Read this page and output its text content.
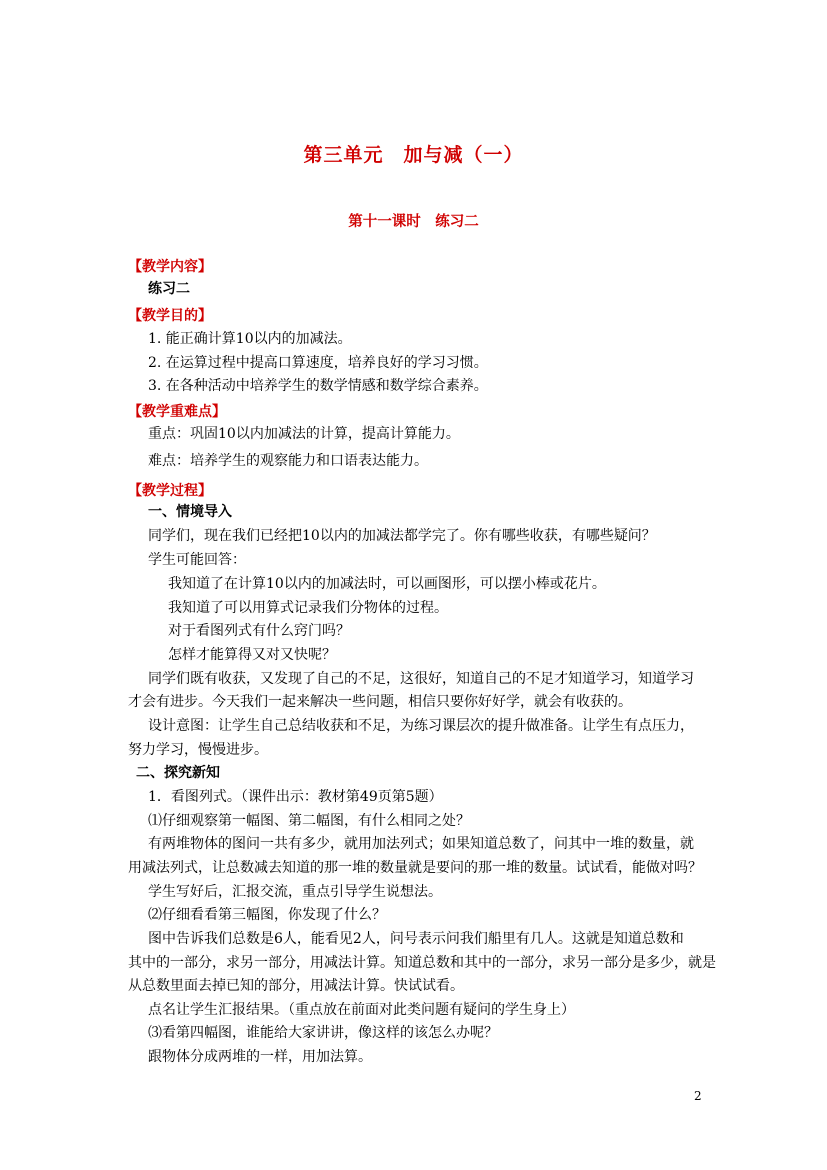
第三单元　加与减（一）
第十一课时　练习二
【教学内容】
练习二
【教学目的】
1. 能正确计算10以内的加减法。
2. 在运算过程中提高口算速度，培养良好的学习习惯。
3. 在各种活动中培养学生的数学情感和数学综合素养。
【教学重难点】
重点：巩固10以内加减法的计算，提高计算能力。
难点：培养学生的观察能力和口语表达能力。
【教学过程】
一、情境导入
同学们，现在我们已经把10以内的加减法都学完了。你有哪些收获，有哪些疑问？
学生可能回答：
我知道了在计算10以内的加减法时，可以画图形，可以摆小棒或花片。
我知道了可以用算式记录我们分物体的过程。
对于看图列式有什么窍门吗？
怎样才能算得又对又快呢？
同学们既有收获，又发现了自己的不足，这很好，知道自己的不足才知道学习，知道学习
才会有进步。今天我们一起来解决一些问题，相信只要你好好学，就会有收获的。
设计意图：让学生自己总结收获和不足，为练习课层次的提升做准备。让学生有点压力，
努力学习，慢慢进步。
二、探究新知
1．看图列式。（课件出示：教材第49页第5题）
⑴仔细观察第一幅图、第二幅图，有什么相同之处？
有两堆物体的图问一共有多少，就用加法列式；如果知道总数了，问其中一堆的数量，就
用减法列式，让总数减去知道的那一堆的数量就是要问的那一堆的数量。试试看，能做对吗？
学生写好后，汇报交流，重点引导学生说想法。
⑵仔细看看第三幅图，你发现了什么？
图中告诉我们总数是6人，能看见2人，问号表示问我们船里有几人。这就是知道总数和
其中的一部分，求另一部分，用减法计算。知道总数和其中的一部分，求另一部分是多少，就是
从总数里面去掉已知的部分，用减法计算。快试试看。
点名让学生汇报结果。（重点放在前面对此类问题有疑问的学生身上）
⑶看第四幅图，谁能给大家讲讲，像这样的该怎么办呢？
跟物体分成两堆的一样，用加法算。
2
